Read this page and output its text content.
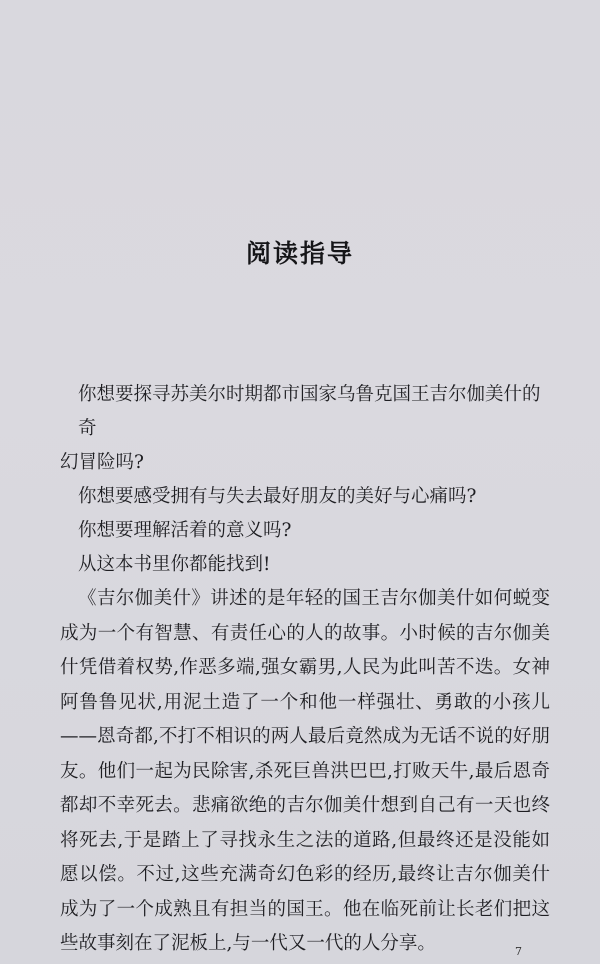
阅读指导

你想要探寻苏美尔时期都市国家乌鲁克国王吉尔伽美什的奇

幻冒险吗?

你想要感受拥有与失去最好朋友的美好与心痛吗?

你想要理解活着的意义吗?

从这本书里你都能找到!

《吉尔伽美什》讲述的是年轻的国王吉尔伽美什如何蜕变成为一个有智慧、有责任心的人的故事。小时候的吉尔伽美什凭借着权势,作恶多端,强女霸男,人民为此叫苦不迭。女神阿鲁鲁见状,用泥土造了一个和他一样强壮、勇敢的小孩儿——恩奇都,不打不相识的两人最后竟然成为无话不说的好朋友。他们一起为民除害,杀死巨兽洪巴巴,打败天牛,最后恩奇都却不幸死去。悲痛欲绝的吉尔伽美什想到自己有一天也终将死去,于是踏上了寻找永生之法的道路,但最终还是没能如愿以偿。不过,这些充满奇幻色彩的经历,最终让吉尔伽美什成为了一个成熟且有担当的国王。他在临死前让长老们把这些故事刻在了泥板上,与一代又一代的人分享。	7
